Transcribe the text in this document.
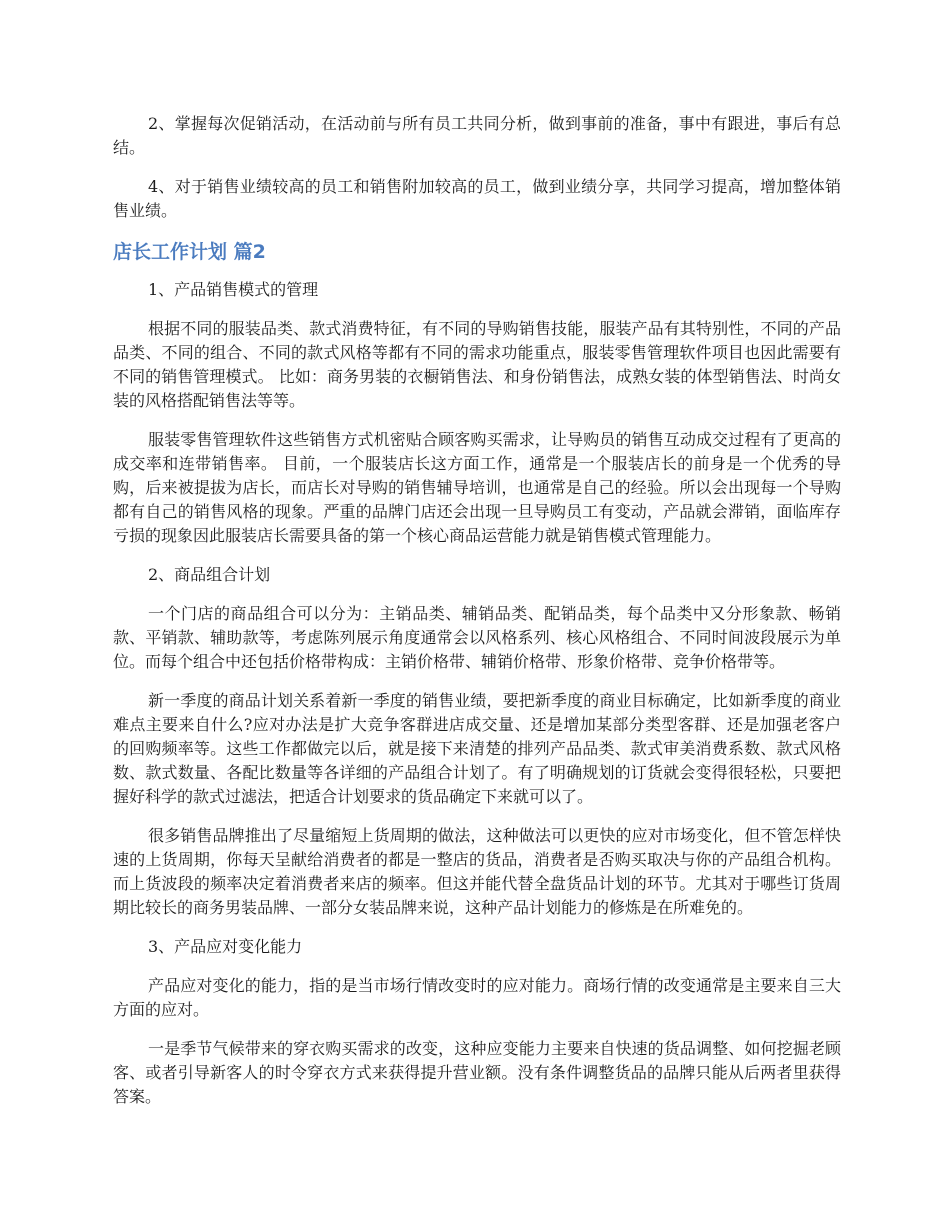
2、掌握每次促销活动，在活动前与所有员工共同分析，做到事前的准备，事中有跟进，事后有总结。

4、对于销售业绩较高的员工和销售附加较高的员工，做到业绩分享，共同学习提高，增加整体销售业绩。

店长工作计划 篇2

1、产品销售模式的管理

根据不同的服装品类、款式消费特征，有不同的导购销售技能，服装产品有其特别性，不同的产品品类、不同的组合、不同的款式风格等都有不同的需求功能重点，服装零售管理软件项目也因此需要有不同的销售管理模式。 比如：商务男装的衣橱销售法、和身份销售法，成熟女装的体型销售法、时尚女装的风格搭配销售法等等。

服装零售管理软件这些销售方式机密贴合顾客购买需求，让导购员的销售互动成交过程有了更高的成交率和连带销售率。 目前，一个服装店长这方面工作，通常是一个服装店长的前身是一个优秀的导购，后来被提拔为店长，而店长对导购的销售辅导培训，也通常是自己的经验。所以会出现每一个导购都有自己的销售风格的现象。严重的品牌门店还会出现一旦导购员工有变动，产品就会滞销，面临库存亏损的现象因此服装店长需要具备的第一个核心商品运营能力就是销售模式管理能力。

2、商品组合计划

一个门店的商品组合可以分为：主销品类、辅销品类、配销品类，每个品类中又分形象款、畅销款、平销款、辅助款等，考虑陈列展示角度通常会以风格系列、核心风格组合、不同时间波段展示为单位。而每个组合中还包括价格带构成：主销价格带、辅销价格带、形象价格带、竞争价格带等。

新一季度的商品计划关系着新一季度的销售业绩，要把新季度的商业目标确定，比如新季度的商业难点主要来自什么?应对办法是扩大竞争客群进店成交量、还是增加某部分类型客群、还是加强老客户的回购频率等。这些工作都做完以后，就是接下来清楚的排列产品品类、款式审美消费系数、款式风格数、款式数量、各配比数量等各详细的产品组合计划了。有了明确规划的订货就会变得很轻松，只要把握好科学的款式过滤法，把适合计划要求的货品确定下来就可以了。

很多销售品牌推出了尽量缩短上货周期的做法，这种做法可以更快的应对市场变化，但不管怎样快速的上货周期，你每天呈献给消费者的都是一整店的货品，消费者是否购买取决与你的产品组合机构。而上货波段的频率决定着消费者来店的频率。但这并能代替全盘货品计划的环节。尤其对于哪些订货周期比较长的商务男装品牌、一部分女装品牌来说，这种产品计划能力的修炼是在所难免的。

3、产品应对变化能力

产品应对变化的能力，指的是当市场行情改变时的应对能力。商场行情的改变通常是主要来自三大方面的应对。

一是季节气候带来的穿衣购买需求的改变，这种应变能力主要来自快速的货品调整、如何挖掘老顾客、或者引导新客人的时令穿衣方式来获得提升营业额。没有条件调整货品的品牌只能从后两者里获得答案。
